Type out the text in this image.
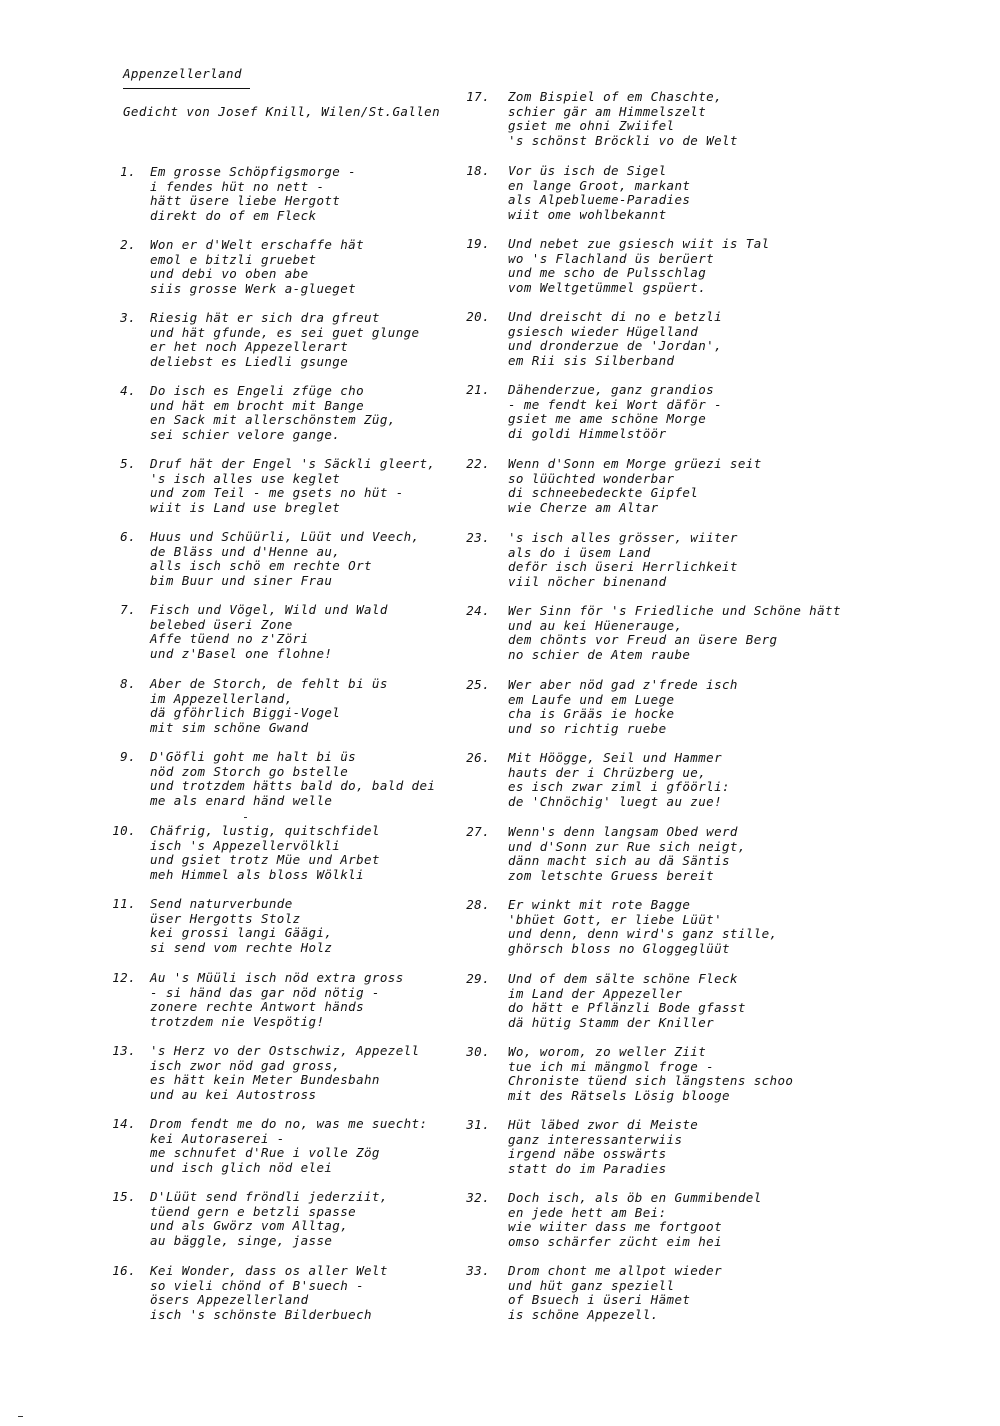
Appenzellerland
Gedicht von Josef Knill, Wilen/St.Gallen
1. Em grosse Schöpfigsmorge -
i fendes hüt no nett -
hätt üsere liebe Hergott
direkt do of em Fleck
2. Won er d'Welt erschaffe hät
emol e bitzli gruebet
und debi vo oben abe
siis grosse Werk a-glueget
3. Riesig hät er sich dra gfreut
und hät gfunde, es sei guet glunge
er het noch Appezellerart
deliebst es Liedli gsunge
4. Do isch es Engeli zfüge cho
und hät em brocht mit Bange
en Sack mit allerschönstem Züg,
sei schier velore gange.
5. Druf hät der Engel 's Säckli gleert,
's isch alles use keglet
und zom Teil - me gsets no hüt -
wiit is Land use breglet
6. Huus und Schüürli, Lüüt und Veech,
de Bläss und d'Henne au,
alls isch schö em rechte Ort
bim Buur und siner Frau
7. Fisch und Vögel, Wild und Wald
belebed üseri Zone
Affe tüend no z'Zöri
und z'Basel one flohne!
8. Aber de Storch, de fehlt bi üs
im Appezellerland,
dä gföhrlich Biggi-Vogel
mit sim schöne Gwand
9. D'Göfli goht me halt bi üs
nöd zom Storch go bstelle
und trotzdem hätts bald do, bald dei
me als enard händ welle
10. Chäfrig, lustig, quitschfidel
isch 's Appezellervölkli
und gsiet trotz Müe und Arbet
meh Himmel als bloss Wölkli
11. Send naturverbunde
üser Hergotts Stolz
kei grossi langi Gäägi,
si send vom rechte Holz
12. Au 's Müüli isch nöd extra gross
- si händ das gar nöd nötig -
zonere rechte Antwort händs
trotzdem nie Vespötig!
13. 's Herz vo der Ostschwiz, Appezell
isch zwor nöd gad gross,
es hätt kein Meter Bundesbahn
und au kei Autostross
14. Drom fendt me do no, was me suecht:
kei Autoraserei -
me schnufet d'Rue i volle Zög
und isch glich nöd elei
15. D'Lüüt send fröndli jederziit,
tüend gern e betzli spasse
und als Gwörz vom Alltag,
au bäggle, singe, jasse
16. Kei Wonder, dass os aller Welt
so vieli chönd of B'suech -
ösers Appezellerland
isch 's schönste Bilderbuech
17. Zom Bispiel of em Chaschte,
schier gär am Himmelszelt
gsiet me ohni Zwiifel
's schönst Bröckli vo de Welt
18. Vor üs isch de Sigel
en lange Groot, markant
als Alpeblueme-Paradies
wiit ome wohlbekannt
19. Und nebet zue gsiesch wiit is Tal
wo 's Flachland üs berüert
und me scho de Pulsschlag
vom Weltgetümmel gspüert.
20. Und dreischt di no e betzli
gsiesch wieder Hügelland
und dronderzue de 'Jordan',
em Rii sis Silberband
21. Dähenderzue, ganz grandios
- me fendt kei Wort däför -
gsiet me ame schöne Morge
di goldi Himmelstöör
22. Wenn d'Sonn em Morge grüezi seit
so lüüchted wonderbar
di schneebedeckte Gipfel
wie Cherze am Altar
23. 's isch alles grösser, wiiter
als do i üsem Land
deför isch üseri Herrlichkeit
viil nöcher binenand
24. Wer Sinn för 's Friedliche und Schöne hätt
und au kei Hüenerauge,
dem chönts vor Freud an üsere Berg
no schier de Atem raube
25. Wer aber nöd gad z'frede isch
em Laufe und em Luege
cha is Grääs ie hocke
und so richtig ruebe
26. Mit Höögge, Seil und Hammer
hauts der i Chrüzberg ue,
es isch zwar ziml i gföörli:
de 'Chnöchig' luegt au zue!
27. Wenn's denn langsam Obed werd
und d'Sonn zur Rue sich neigt,
dänn macht sich au dä Säntis
zom letschte Gruess bereit
28. Er winkt mit rote Bagge
'bhüet Gott, er liebe Lüüt'
und denn, denn wird's ganz stille,
ghörsch bloss no Gloggeglüüt
29. Und of dem sälte schöne Fleck
im Land der Appezeller
do hätt e Pflänzli Bode gfasst
dä hütig Stamm der Kniller
30. Wo, worom, zo weller Ziit
tue ich mi mängmol froge -
Chroniste tüend sich längstens schoo
mit des Rätsels Lösig blooge
31. Hüt läbed zwor di Meiste
ganz interessanterwiis
irgend näbe osswärts
statt do im Paradies
32. Doch isch, als öb en Gummibendel
en jede hett am Bei:
wie wiiter dass me fortgoot
omso schärfer zücht eim hei
33. Drom chont me allpot wieder
und hüt ganz speziell
of Bsuech i üseri Hämet
is schöne Appezell.
